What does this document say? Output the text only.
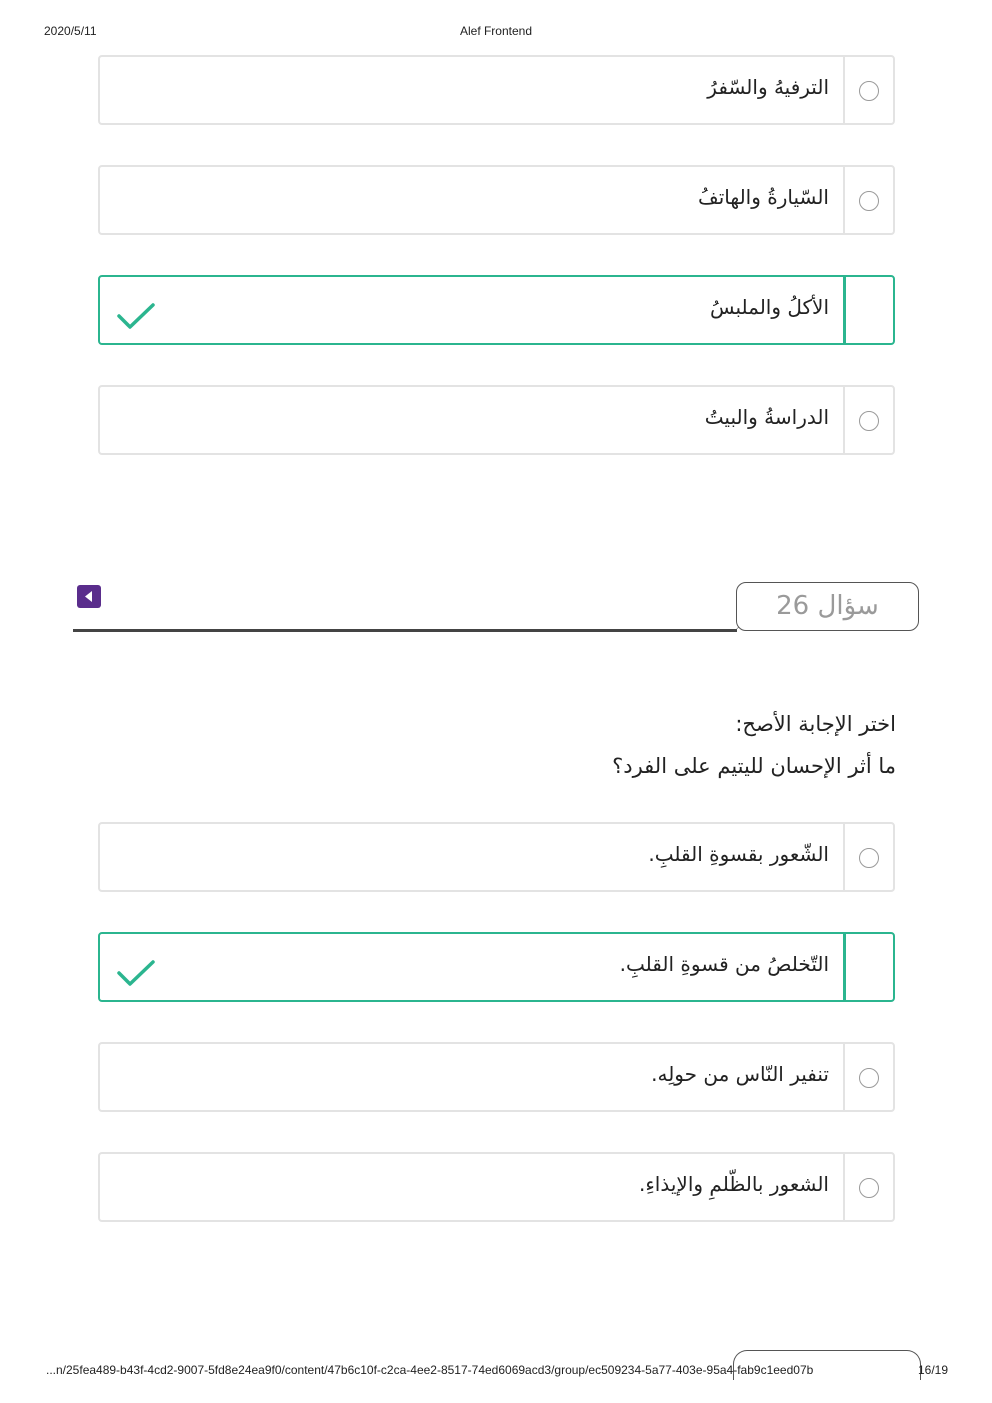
2020/5/11	Alef Frontend
الترفيهُ والسّفرُ
السّيارةُ والهاتفُ
الأكلُ والملبسُ
الدراسةُ والبيتُ
سؤال 26
اختر الإجابة الأصح:
ما أثر الإحسان لليتيم على الفرد؟
الشّعور بقسوةِ القلبِ.
التّخلصُ من قسوةِ القلبِ.
تنفير النّاس من حولِه.
الشعور بالظّلمِ والإيذاءِ.
...n/25fea489-b43f-4cd2-9007-5fd8e24ea9f0/content/47b6c10f-c2ca-4ee2-8517-74ed6069acd3/group/ec509234-5a77-403e-95a4-fab9c1eed07b	16/19
